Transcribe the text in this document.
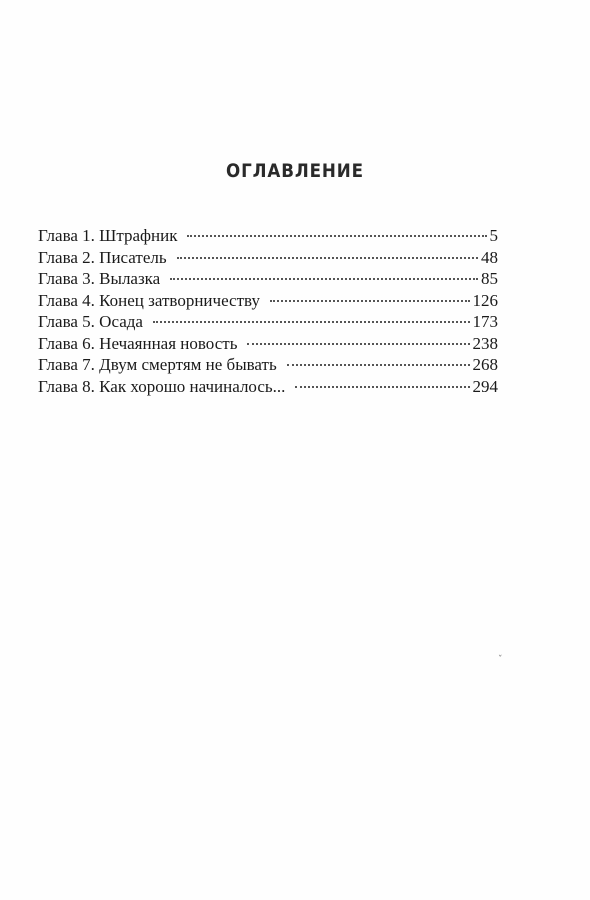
ОГЛАВЛЕНИЕ
Глава 1. Штрафник	5
Глава 2. Писатель	48
Глава 3. Вылазка	85
Глава 4. Конец затворничеству	126
Глава 5. Осада	173
Глава 6. Нечаянная новость	238
Глава 7. Двум смертям не бывать	268
Глава 8. Как хорошо начиналось...	294
ˇ
